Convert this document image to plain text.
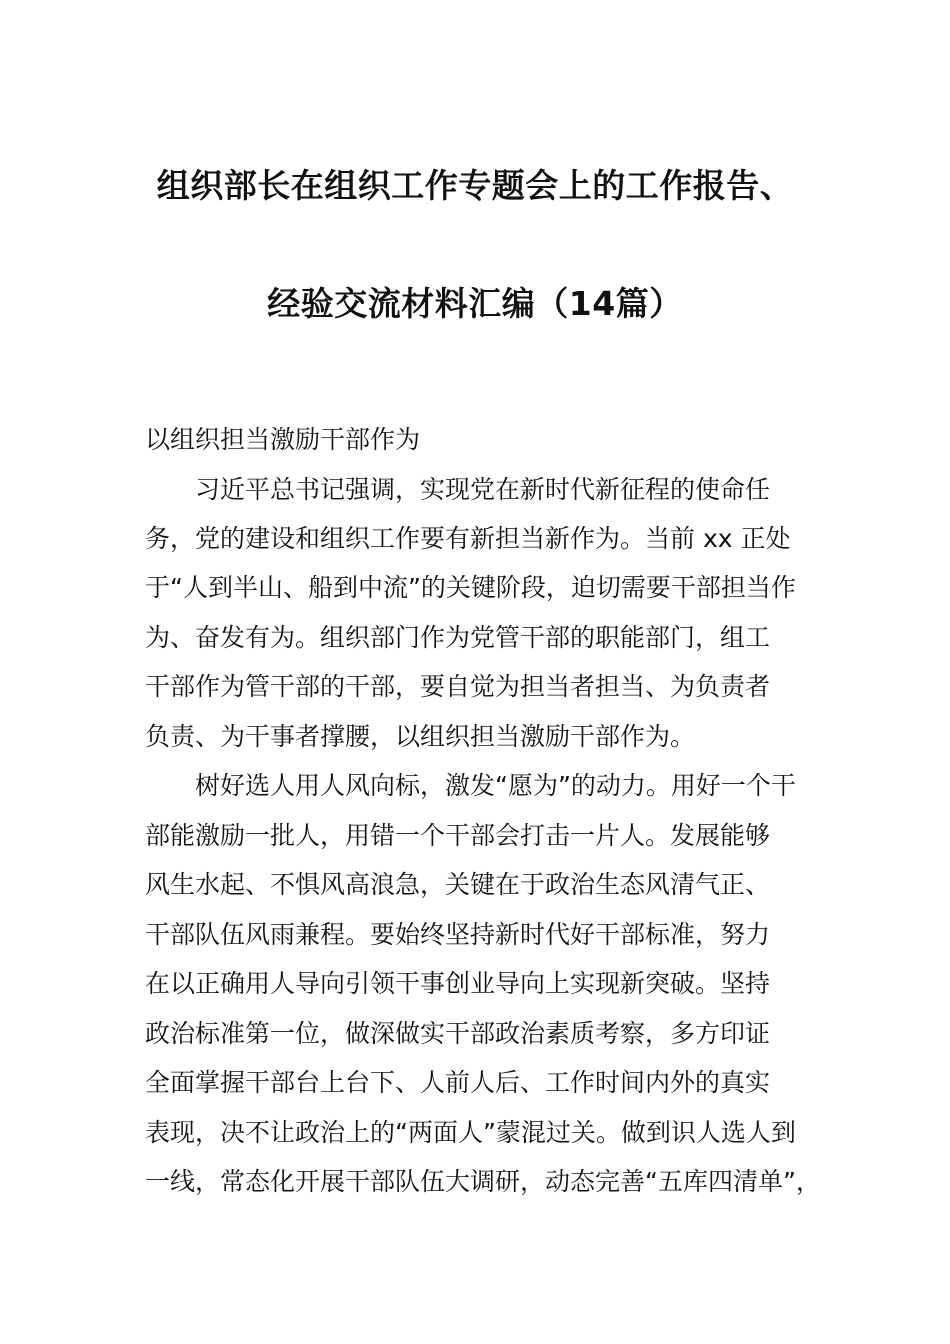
组织部长在组织工作专题会上的工作报告、
经验交流材料汇编（14篇）
以组织担当激励干部作为
习近平总书记强调，实现党在新时代新征程的使命任
务，党的建设和组织工作要有新担当新作为。当前 xx 正处
于“人到半山、船到中流”的关键阶段，迫切需要干部担当作
为、奋发有为。组织部门作为党管干部的职能部门，组工
干部作为管干部的干部，要自觉为担当者担当、为负责者
负责、为干事者撑腰，以组织担当激励干部作为。
树好选人用人风向标，激发“愿为”的动力。用好一个干
部能激励一批人，用错一个干部会打击一片人。发展能够
风生水起、不惧风高浪急，关键在于政治生态风清气正、
干部队伍风雨兼程。要始终坚持新时代好干部标准，努力
在以正确用人导向引领干事创业导向上实现新突破。坚持
政治标准第一位，做深做实干部政治素质考察，多方印证
全面掌握干部台上台下、人前人后、工作时间内外的真实
表现，决不让政治上的“两面人”蒙混过关。做到识人选人到
一线，常态化开展干部队伍大调研，动态完善“五库四清单”，
